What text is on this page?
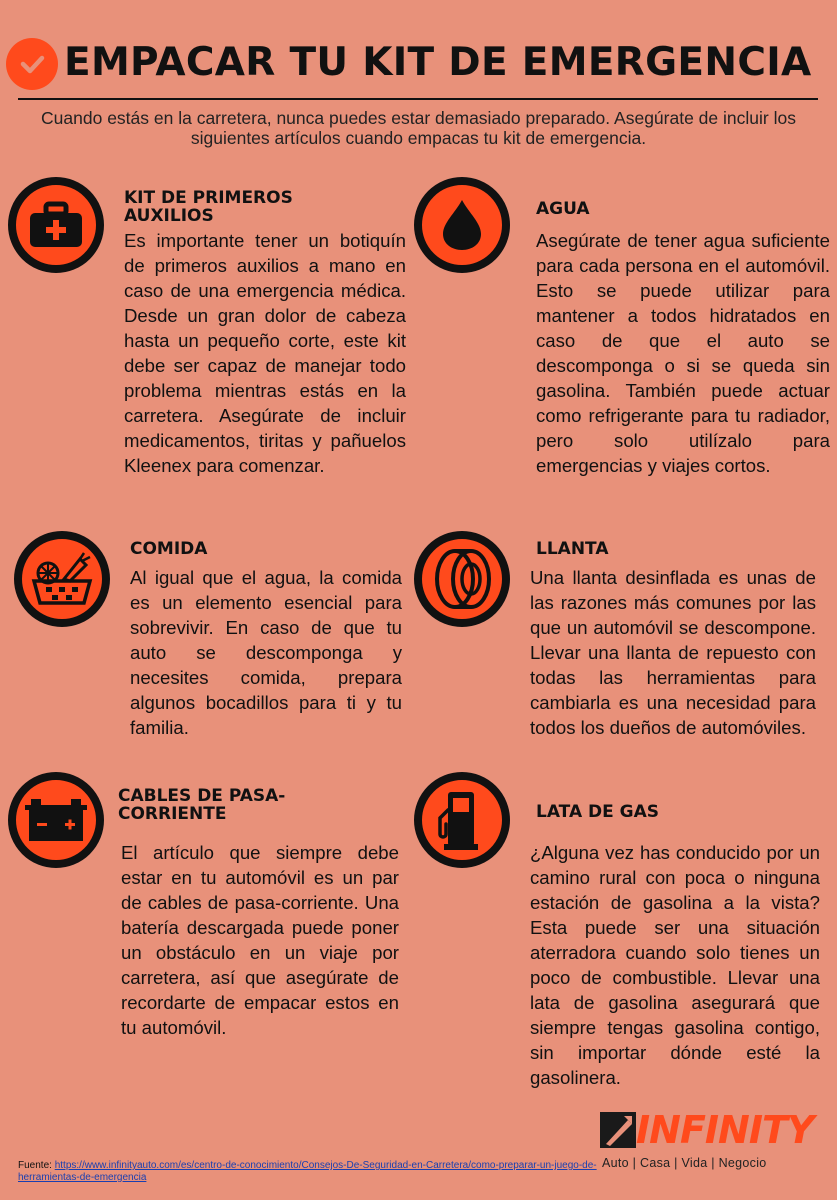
EMPACAR TU KIT DE EMERGENCIA
Cuando estás en la carretera, nunca puedes estar demasiado preparado. Asegúrate de incluir los siguientes artículos cuando empacas tu kit de emergencia.
KIT DE PRIMEROS AUXILIOS
Es importante tener un botiquín de primeros auxilios a mano en caso de una emergencia médica. Desde un gran dolor de cabeza hasta un pequeño corte, este kit debe ser capaz de manejar todo problema mientras estás en la carretera. Asegúrate de incluir medicamentos, tiritas y pañuelos Kleenex para comenzar.
AGUA
Asegúrate de tener agua suficiente para cada persona en el automóvil. Esto se puede utilizar para mantener a todos hidratados en caso de que el auto se descomponga o si se queda sin gasolina. También puede actuar como refrigerante para tu radiador, pero solo utilízalo para emergencias y viajes cortos.
COMIDA
Al igual que el agua, la comida es un elemento esencial para sobrevivir. En caso de que tu auto se descomponga y necesites comida, prepara algunos bocadillos para ti y tu familia.
LLANTA
Una llanta desinflada es unas de las razones más comunes por las que un automóvil se descompone. Llevar una llanta de repuesto con todas las herramientas para cambiarla es una necesidad para todos los dueños de automóviles.
CABLES DE PASA-CORRIENTE
El artículo que siempre debe estar en tu automóvil es un par de cables de pasa-corriente. Una batería descargada puede poner un obstáculo en un viaje por carretera, así que asegúrate de recordarte de empacar estos en tu automóvil.
LATA DE GAS
¿Alguna vez has conducido por un camino rural con poca o ninguna estación de gasolina a la vista? Esta puede ser una situación aterradora cuando solo tienes un poco de combustible. Llevar una lata de gasolina asegurará que siempre tengas gasolina contigo, sin importar dónde esté la gasolinera.
INFINITY
Auto | Casa | Vida | Negocio
Fuente: https://www.infinityauto.com/es/centro-de-conocimiento/Consejos-De-Seguridad-en-Carretera/como-preparar-un-juego-de-herramientas-de-emergencia
